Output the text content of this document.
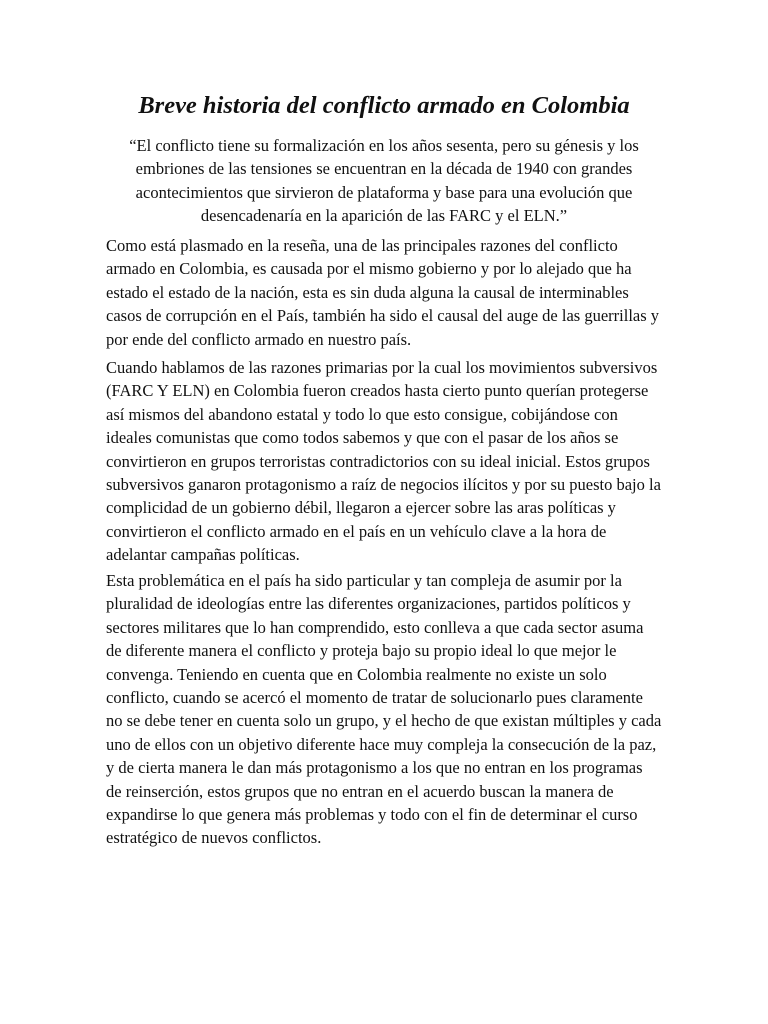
Breve historia del conflicto armado en Colombia

“El conflicto tiene su formalización en los años sesenta, pero su génesis y los embriones de las tensiones se encuentran en la década de 1940 con grandes acontecimientos que sirvieron de plataforma y base para una evolución que desencadenaría en la aparición de las FARC y el ELN.”

Como está plasmado en la reseña, una de las principales razones del conflicto armado en Colombia, es causada por el mismo gobierno y por lo alejado que ha estado el estado de la nación, esta es sin duda alguna la causal de interminables casos de corrupción en el País, también ha sido el causal del auge de las guerrillas y por ende del conflicto armado en nuestro país.

Cuando hablamos de las razones primarias por la cual los movimientos subversivos (FARC Y ELN) en Colombia fueron creados hasta cierto punto querían protegerse así mismos del abandono estatal y todo lo que esto consigue, cobijándose con ideales comunistas que como todos sabemos y que con el pasar de los años se convirtieron en grupos terroristas contradictorios con su ideal inicial. Estos grupos subversivos ganaron protagonismo a raíz de negocios ilícitos y por su puesto bajo la complicidad de un gobierno débil, llegaron a ejercer sobre las aras políticas y convirtieron el conflicto armado en el país en un vehículo clave a la hora de adelantar campañas políticas.

Esta problemática en el país ha sido particular y tan compleja de asumir por la pluralidad de ideologías entre las diferentes organizaciones, partidos políticos y sectores militares que lo han comprendido, esto conlleva a que cada sector asuma de diferente manera el conflicto y proteja bajo su propio ideal lo que mejor le convenga. Teniendo en cuenta que en Colombia realmente no existe un solo conflicto, cuando se acercó el momento de tratar de solucionarlo pues claramente no se debe tener en cuenta solo un grupo, y el hecho de que existan múltiples y cada uno de ellos con un objetivo diferente hace muy compleja la consecución de la paz, y de cierta manera le dan más protagonismo a los que no entran en los programas de reinserción, estos grupos que no entran en el acuerdo buscan la manera de expandirse lo que genera más problemas y todo con el fin de determinar el curso estratégico de nuevos conflictos.
